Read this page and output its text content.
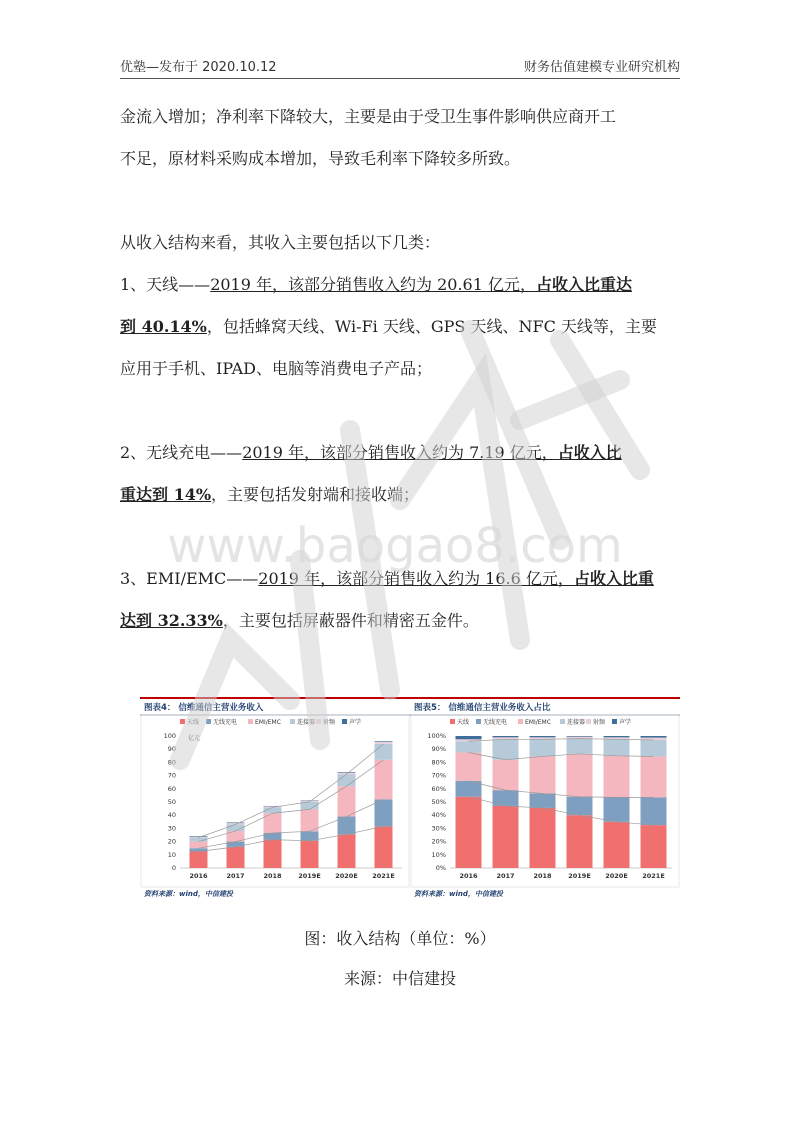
优塾—发布于 2020.10.12	财务估值建模专业研究机构

金流入增加；净利率下降较大，主要是由于受卫生事件影响供应商开工

不足，原材料采购成本增加，导致毛利率下降较多所致。

从收入结构来看，其收入主要包括以下几类：

1、天线——2019 年，该部分销售收入约为 20.61 亿元，占收入比重达

到 40.14%，包括蜂窝天线、Wi-Fi 天线、GPS 天线、NFC 天线等，主要

应用于手机、IPAD、电脑等消费电子产品；

2、无线充电——2019 年，该部分销售收入约为 7.19 亿元，占收入比

重达到 14%，主要包括发射端和接收端；

3、EMI/EMC——2019 年，该部分销售收入约为 16.6 亿元，占收入比重

达到 32.33%，主要包括屏蔽器件和精密五金件。

图表4： 信维通信主营业务收入
天线 无线充电	EMI/EMC	连接器 射频 声学
0
10
20
30
40
50
60
70
80
90
100 亿元
2016	2017	2018	2019E 2020E 2021E
资料来源：wind，中信建投
图表5： 信维通信主营业务收入占比
天线 无线充电	EMI/EMC	连接器 射频 声学
0%
10%
20%
30%
40%
50%
60%
70%
80%
90%
100%
2016	2017	2018	2019E 2020E 2021E
资料来源：wind，中信建投
图：收入结构（单位：%）
来源：中信建投
www.baogao8.com
